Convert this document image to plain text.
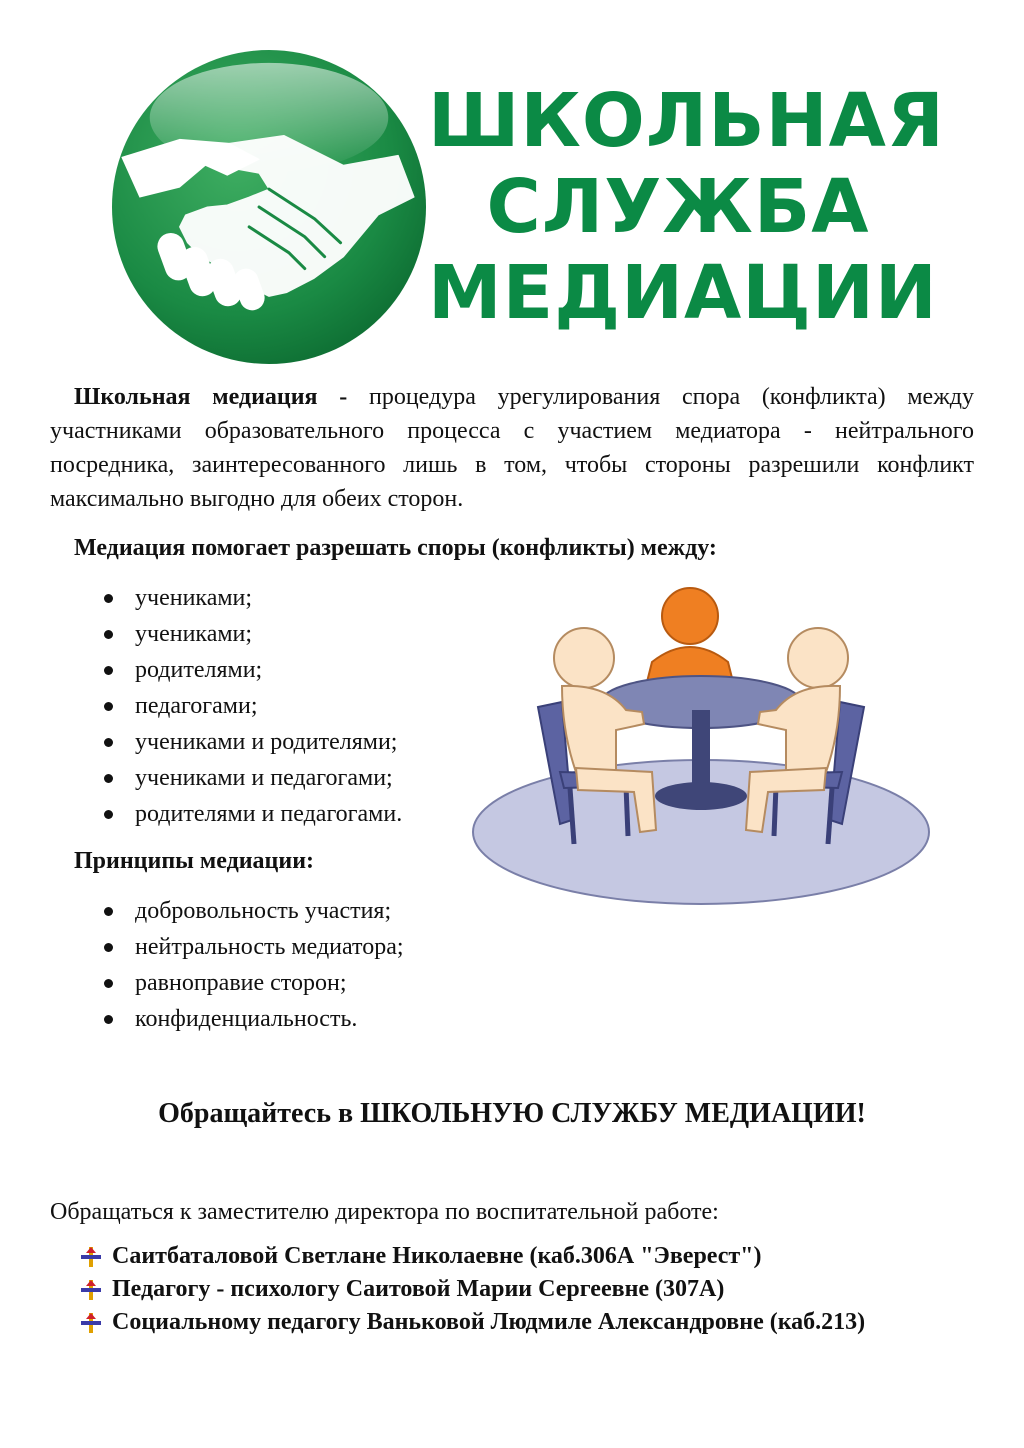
ШКОЛЬНАЯ
СЛУЖБА
МЕДИАЦИИ
Школьная медиация - процедура урегулирования спора (конфликта) между участниками образовательного процесса с участием медиатора - нейтрального посредника, заинтересованного лишь в том, чтобы стороны разрешили конфликт максимально выгодно для обеих сторон.
Медиация помогает разрешать споры (конфликты) между:
учениками;
учениками;
родителями;
педагогами;
учениками и родителями;
учениками и педагогами;
родителями и педагогами.
Принципы медиации:
добровольность участия;
нейтральность медиатора;
равноправие сторон;
конфиденциальность.
Обращайтесь в ШКОЛЬНУЮ СЛУЖБУ МЕДИАЦИИ!
Обращаться к заместителю директора по воспитательной работе:
Саитбаталовой Светлане Николаевне (каб.306А "Эверест")
Педагогу - психологу Саитовой Марии Сергеевне (307А)
Социальному педагогу Ваньковой Людмиле Александровне (каб.213)
